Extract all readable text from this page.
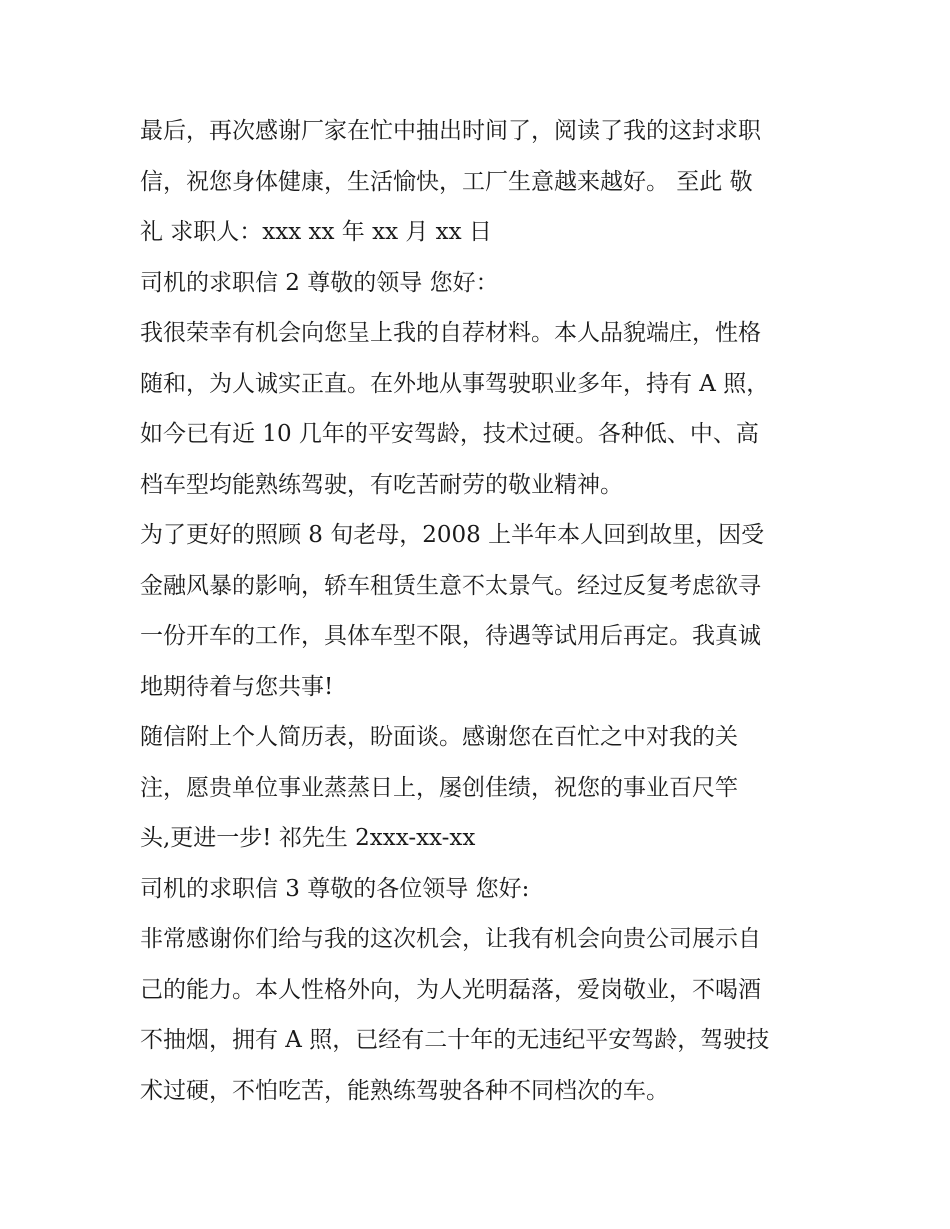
最后，再次感谢厂家在忙中抽出时间了，阅读了我的这封求职
信，祝您身体健康，生活愉快，工厂生意越来越好。 至此 敬
礼 求职人：xxx xx 年 xx 月 xx 日
司机的求职信 2 尊敬的领导 您好：
我很荣幸有机会向您呈上我的自荐材料。本人品貌端庄，性格
随和，为人诚实正直。在外地从事驾驶职业多年，持有 A 照，
如今已有近 10 几年的平安驾龄，技术过硬。各种低、中、高
档车型均能熟练驾驶，有吃苦耐劳的敬业精神。
为了更好的照顾 8 旬老母，2008 上半年本人回到故里，因受
金融风暴的影响，轿车租赁生意不太景气。经过反复考虑欲寻
一份开车的工作，具体车型不限，待遇等试用后再定。我真诚
地期待着与您共事!
随信附上个人简历表，盼面谈。感谢您在百忙之中对我的关
注，愿贵单位事业蒸蒸日上，屡创佳绩，祝您的事业百尺竿
头,更进一步! 祁先生 2xxx-xx-xx
司机的求职信 3 尊敬的各位领导 您好:
非常感谢你们给与我的这次机会，让我有机会向贵公司展示自
己的能力。本人性格外向，为人光明磊落，爱岗敬业，不喝酒
不抽烟，拥有 A 照，已经有二十年的无违纪平安驾龄，驾驶技
术过硬，不怕吃苦，能熟练驾驶各种不同档次的车。
